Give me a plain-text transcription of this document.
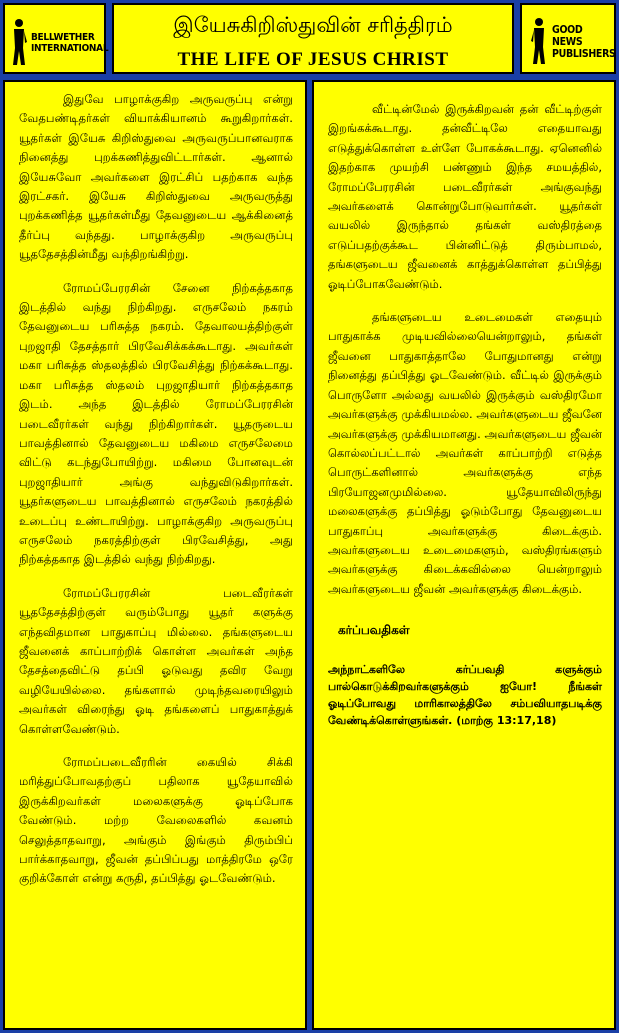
BELLWETHER
INTERNATIONAL
இயேசுகிறிஸ்துவின் சரித்திரம்
THE LIFE OF JESUS CHRIST
GOOD NEWS
PUBLISHERS

இதுவே பாழாக்குகிற அருவருப்பு என்று வேதபண்டிதர்கள் வியாக்கியானம் கூறுகிறார்கள். யூதர்கள் இயேசு கிறிஸ்துவை அருவருப்பானவராக நினைத்து புறக்கணித்துவிட்டார்கள். ஆனால் இயேசுவோ அவர்களை இரட்சிப் பதற்காக வந்த இரட்சகர். இயேசு கிறிஸ்துவை அருவருத்து புறக்கணித்த யூதர்கள்மீது தேவனுடைய ஆக்கினைத் தீர்ப்பு வந்தது. பாழாக்குகிற அருவருப்பு யூததேசத்தின்மீது வந்திறங்கிற்று.

ரோமப்பேரரசின் சேனை நிற்கத்தகாத இடத்தில் வந்து நிற்கிறது. எருசலேம் நகரம் தேவனுடைய பரிசுத்த நகரம். தேவாலயத்திற்குள் புறஜாதி தேசத்தார் பிரவேசிக்கக்கூடாது. அவர்கள் மகா பரிசுத்த ஸ்தலத்தில் பிரவேசித்து நிற்கக்கூடாது. மகா பரிசுத்த ஸ்தலம் புறஜாதியார் நிற்கத்தகாத இடம். அந்த இடத்தில் ரோமப்பேரரசின் படைவீரர்கள் வந்து நிற்கிறார்கள். யூதருடைய பாவத்தினால் தேவனுடைய மகிமை எருசலேமை விட்டு கடந்துபோயிற்று. மகிமை போனவுடன் புறஜாதியார் அங்கு வந்துவிடுகிறார்கள். யூதர்களுடைய பாவத்தினால் எருசலேம் நகரத்தில் உடைப்பு உண்டாயிற்று. பாழாக்குகிற அருவருப்பு எருசலேம் நகரத்திற்குள் பிரவேசித்து, அது நிற்கத்தகாத இடத்தில் வந்து நிற்கிறது.

ரோமப்பேரரசின் படைவீரர்கள் யூததேசத்திற்குள் வரும்போது யூதர் களுக்கு எந்தவிதமான பாதுகாப்பு மில்லை. தங்களுடைய ஜீவனைக் காப்பாற்றிக் கொள்ள அவர்கள் அந்த தேசத்தைவிட்டு தப்பி ஓடுவது தவிர வேறு வழியேயில்லை. தங்களால் முடிந்தவரையிலும் அவர்கள் விரைந்து ஓடி தங்களைப் பாதுகாத்துக் கொள்ளவேண்டும்.

ரோமப்படைவீரரின் கையில் சிக்கி மரித்துப்போவதற்குப் பதிலாக யூதேயாவில் இருக்கிறவர்கள் மலைகளுக்கு ஓடிப்போக வேண்டும். மற்ற வேலைகளில் கவனம் செலுத்தாதவாறு, அங்கும் இங்கும் திரும்பிப் பார்க்காதவாறு, ஜீவன் தப்பிப்பது மாத்திரமே ஒரே குறிக்கோள் என்று கருதி, தப்பித்து ஓடவேண்டும்.

வீட்டின்மேல் இருக்கிறவன் தன் வீட்டிற்குள் இறங்கக்கூடாது. தன்வீட்டிலே எதையாவது எடுத்துக்கொள்ள உள்ளே போகக்கூடாது. ஏனெனில் இதற்காக முயற்சி பண்ணும் இந்த சமயத்தில், ரோமப்பேரரசின் படைவீரர்கள் அங்குவந்து அவர்களைக் கொன்றுபோடுவார்கள். யூதர்கள் வயலில் இருந்தால் தங்கள் வஸ்திரத்தை எடுப்பதற்குக்கூட பின்னிட்டுத் திரும்பாமல், தங்களுடைய ஜீவனைக் காத்துக்கொள்ள தப்பித்து ஓடிப்போகவேண்டும்.

தங்களுடைய உடைமைகள் எதையும் பாதுகாக்க முடியவில்லையென்றாலும், தங்கள் ஜீவனை பாதுகாத்தாலே போதுமானது என்று நினைத்து தப்பித்து ஓடவேண்டும். வீட்டில் இருக்கும் பொருளோ அல்லது வயலில் இருக்கும் வஸ்திரமோ அவர்களுக்கு முக்கியமல்ல. அவர்களுடைய ஜீவனே அவர்களுக்கு முக்கியமானது. அவர்களுடைய ஜீவன் கொல்லப்பட்டால் அவர்கள் காப்பாற்றி எடுத்த பொருட்களினால் அவர்களுக்கு எந்த பிரயோஜனமுமில்லை. யூதேயாவிலிருந்து மலைகளுக்கு தப்பித்து ஓடும்போது தேவனுடைய பாதுகாப்பு அவர்களுக்கு கிடைக்கும். அவர்களுடைய உடைமைகளும், வஸ்திரங்களும் அவர்களுக்கு கிடைக்கவில்லை யென்றாலும் அவர்களுடைய ஜீவன் அவர்களுக்கு கிடைக்கும்.

கர்ப்பவதிகள்

அந்நாட்களிலே கர்ப்பவதி களுக்கும் பால்கொடுக்கிறவர்களுக்கும் ஐயோ! நீங்கள் ஓடிப்போவது மாரிகாலத்திலே சம்பவியாதபடிக்கு வேண்டிக்கொள்ளுங்கள். (மாற்கு 13:17,18)
